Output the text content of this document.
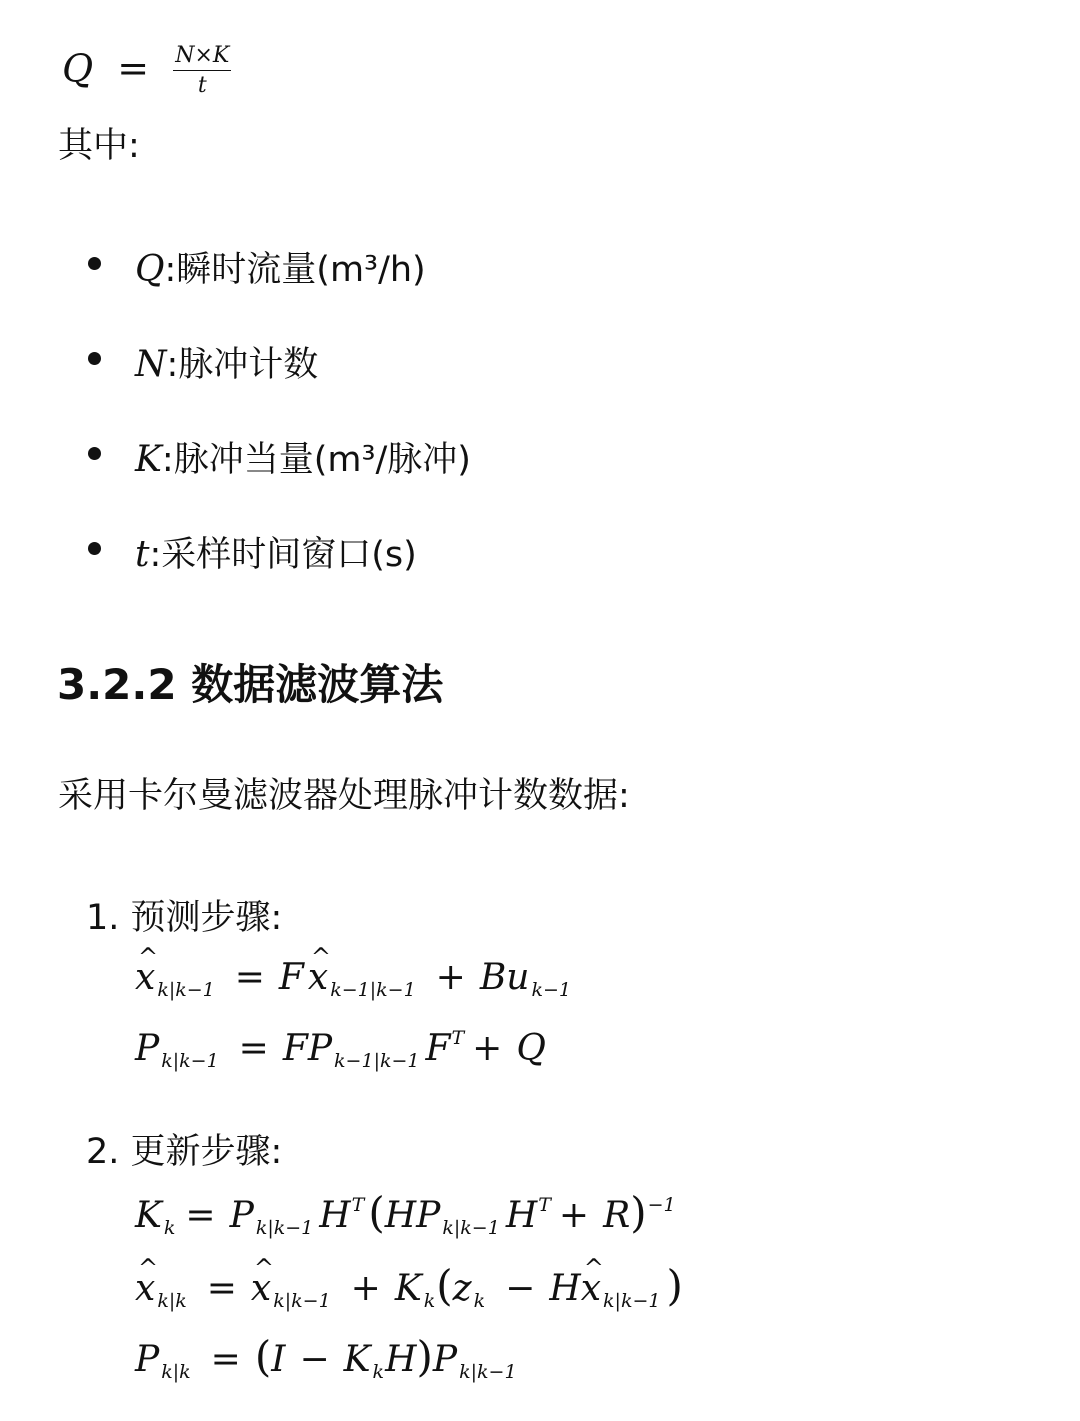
$Q = \frac{N\times K}{t}$
其中:
Q:瞬时流量(m³/h)
N:脉冲计数
K:脉冲当量(m³/脉冲)
t:采样时间窗口(s)
3.2.2 数据滤波算法
采用卡尔曼滤波器处理脉冲计数数据:
1. 预测步骤:
^ x $_{k|k-1}$ = F ^ x $_{k-1|k-1}$ + Bu $_{k-1}$
P $_{k|k-1}$ = FP $_{k-1|k-1}$ $F^T + Q$
2. 更新步骤:
K $_k$ = P $_{k|k-1}$ $H^T(HP$ $_{k|k-1}$ $H^T + R)^{-1}$
^ x $_{k|k}$ = ^ x $_{k|k-1}$ + K $_k$(z $_k$ − H^ x $_{k|k-1}$ )
P $_{k|k}$ = (I − K $_k$H)P $_{k|k-1}$
